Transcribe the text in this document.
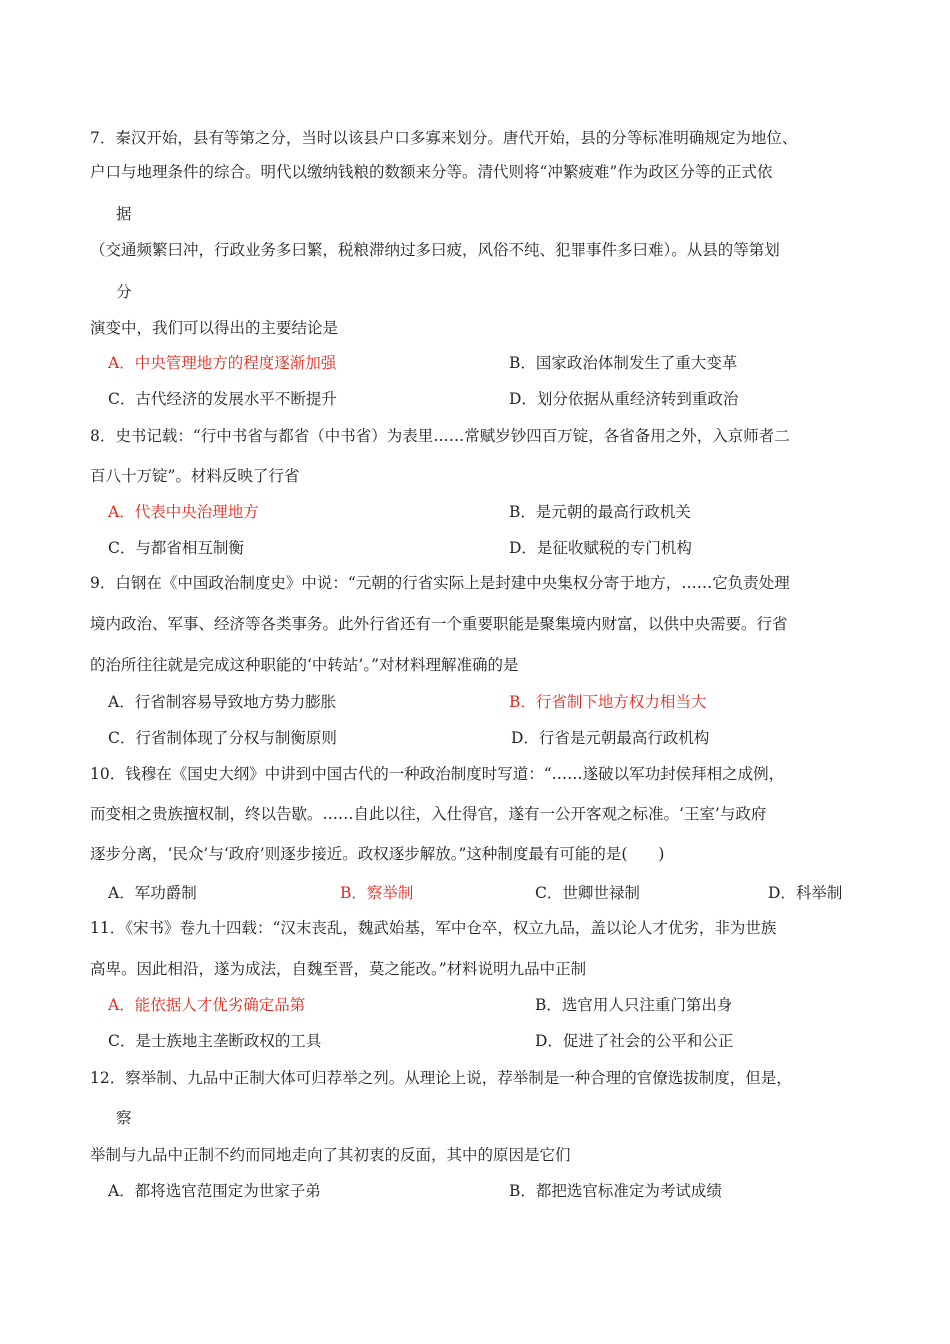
7．秦汉开始，县有等第之分，当时以该县户口多寡来划分。唐代开始，县的分等标准明确规定为地位、
户口与地理条件的综合。明代以缴纳钱粮的数额来分等。清代则将“冲繁疲难”作为政区分等的正式依
据
（交通频繁曰冲，行政业务多曰繁，税粮滞纳过多曰疲，风俗不纯、犯罪事件多曰难）。从县的等第划
分
演变中，我们可以得出的主要结论是
A．中央管理地方的程度逐渐加强	B．国家政治体制发生了重大变革
C．古代经济的发展水平不断提升	D．划分依据从重经济转到重政治
8．史书记载：“行中书省与都省（中书省）为表里……常赋岁钞四百万锭，各省备用之外，入京师者二
百八十万锭”。材料反映了行省
A．代表中央治理地方	B．是元朝的最高行政机关
C．与都省相互制衡	D．是征收赋税的专门机构
9．白钢在《中国政治制度史》中说：“元朝的行省实际上是封建中央集权分寄于地方，……它负责处理
境内政治、军事、经济等各类事务。此外行省还有一个重要职能是聚集境内财富，以供中央需要。行省
的治所往往就是完成这种职能的‘中转站’。”对材料理解准确的是
A．行省制容易导致地方势力膨胀	B．行省制下地方权力相当大
C．行省制体现了分权与制衡原则	D．行省是元朝最高行政机构
10．钱穆在《国史大纲》中讲到中国古代的一种政治制度时写道：“……遂破以军功封侯拜相之成例，
而变相之贵族擅权制，终以告歇。……自此以往，入仕得官，遂有一公开客观之标准。‘王室’与政府
逐步分离，‘民众’与‘政府’则逐步接近。政权逐步解放。”这种制度最有可能的是(　　)
A．军功爵制	B．察举制	C．世卿世禄制	D．科举制
11．《宋书》卷九十四载：“汉末丧乱，魏武始基，军中仓卒，权立九品，盖以论人才优劣，非为世族
高卑。因此相沿，遂为成法，自魏至晋，莫之能改。”材料说明九品中正制
A．能依据人才优劣确定品第	B．选官用人只注重门第出身
C．是士族地主垄断政权的工具	D．促进了社会的公平和公正
12．察举制、九品中正制大体可归荐举之列。从理论上说，荐举制是一种合理的官僚选拔制度，但是，
察
举制与九品中正制不约而同地走向了其初衷的反面，其中的原因是它们
A．都将选官范围定为世家子弟	B．都把选官标准定为考试成绩
